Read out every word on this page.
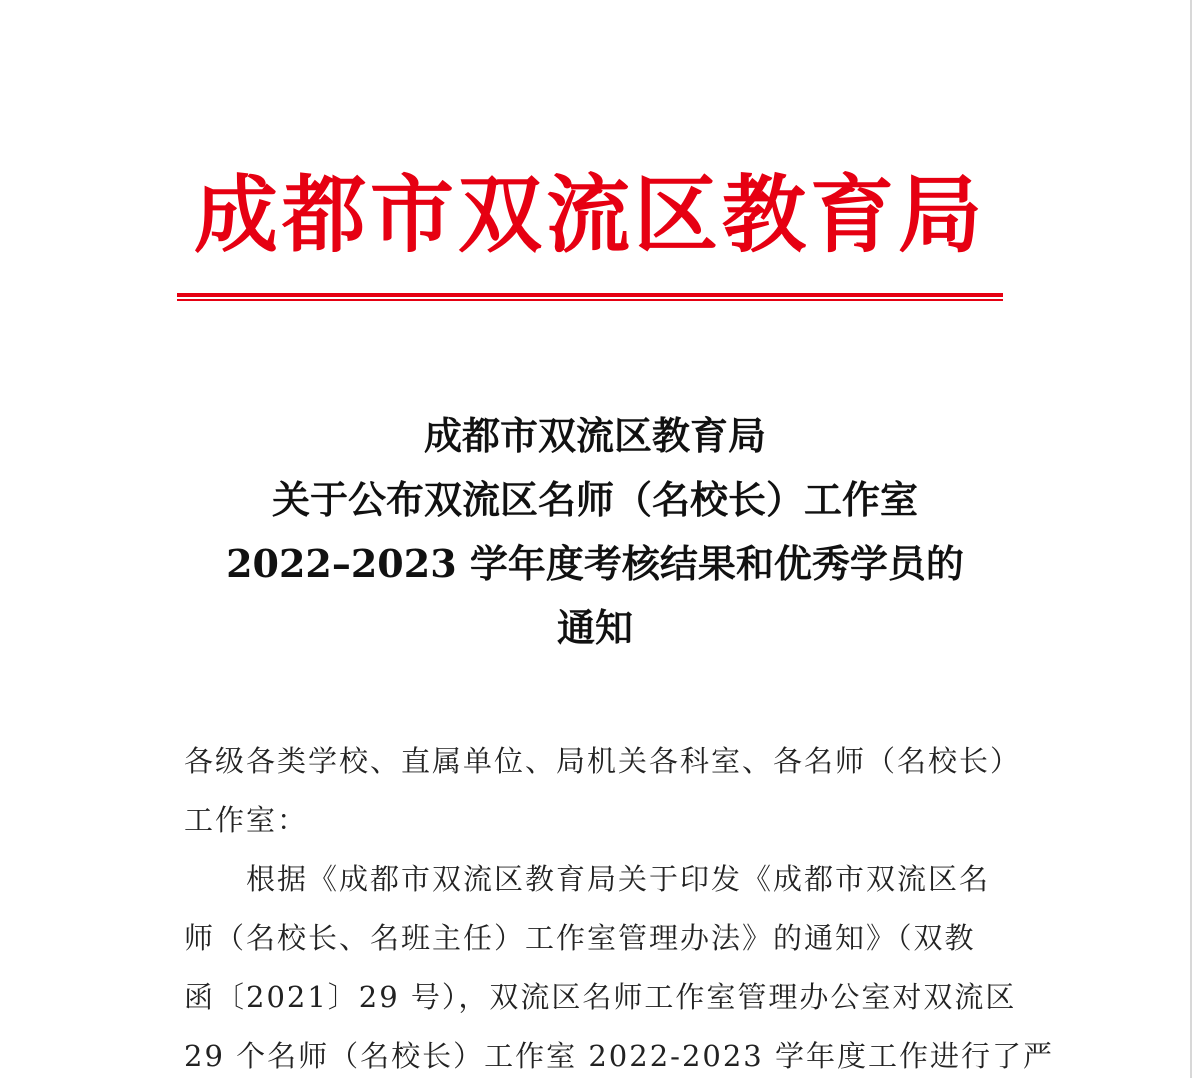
成都市双流区教育局
成都市双流区教育局
关于公布双流区名师（名校长）工作室
2022–2023 学年度考核结果和优秀学员的
通知
各级各类学校、直属单位、局机关各科室、各名师（名校长）
工作室：
根据《成都市双流区教育局关于印发《成都市双流区名
师（名校长、名班主任）工作室管理办法》的通知》（双教
函〔2021〕29 号），双流区名师工作室管理办公室对双流区
29 个名师（名校长）工作室 2022-2023 学年度工作进行了严
